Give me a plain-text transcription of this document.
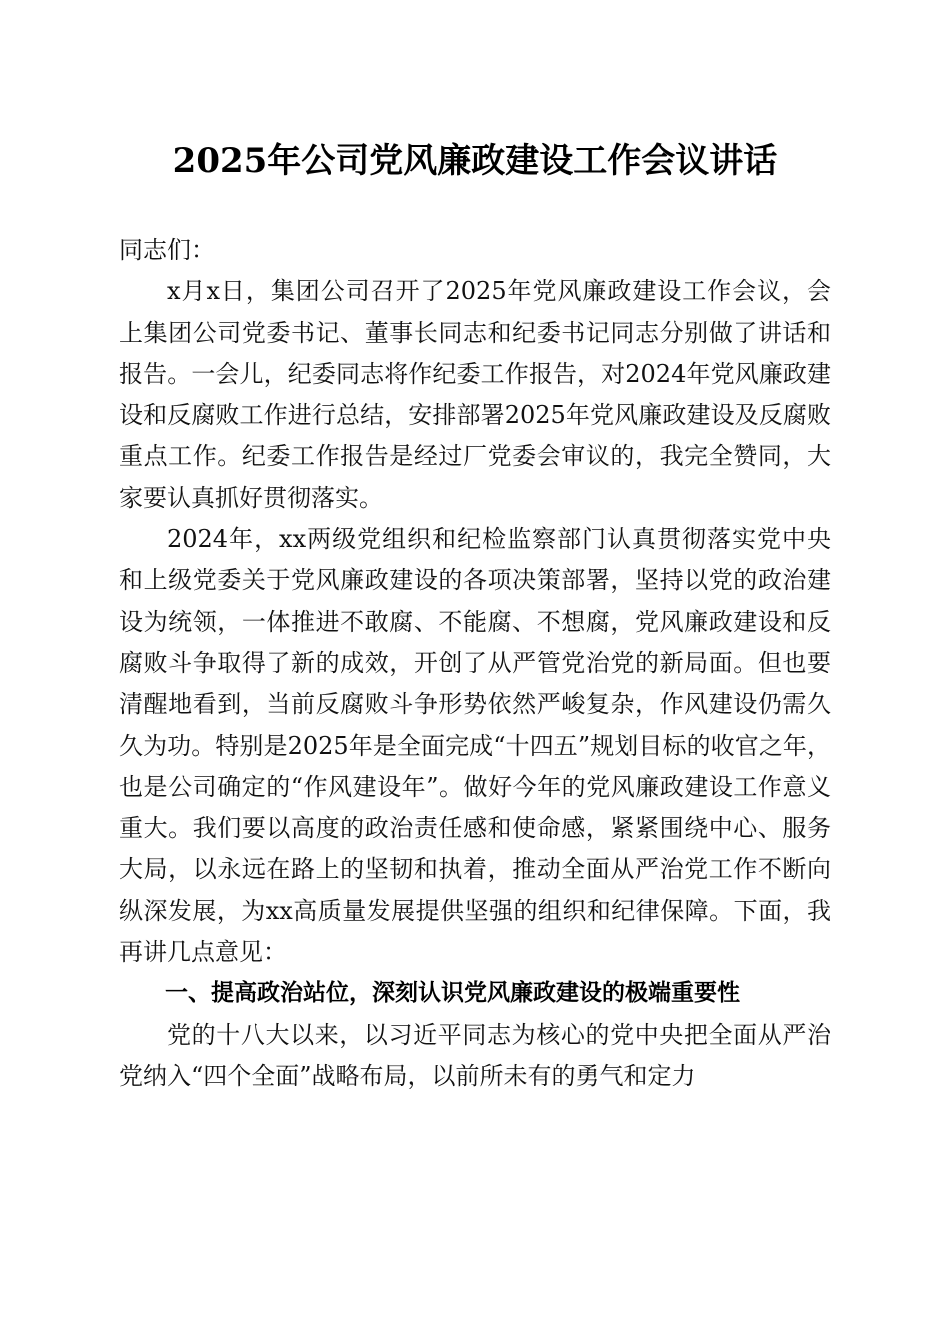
2025年公司党风廉政建设工作会议讲话

同志们：

x月x日，集团公司召开了2025年党风廉政建设工作会议，会上集团公司党委书记、董事长同志和纪委书记同志分别做了讲话和报告。一会儿，纪委同志将作纪委工作报告，对2024年党风廉政建设和反腐败工作进行总结，安排部署2025年党风廉政建设及反腐败重点工作。纪委工作报告是经过厂党委会审议的，我完全赞同，大家要认真抓好贯彻落实。

2024年，xx两级党组织和纪检监察部门认真贯彻落实党中央和上级党委关于党风廉政建设的各项决策部署，坚持以党的政治建设为统领，一体推进不敢腐、不能腐、不想腐，党风廉政建设和反腐败斗争取得了新的成效，开创了从严管党治党的新局面。但也要清醒地看到，当前反腐败斗争形势依然严峻复杂，作风建设仍需久久为功。特别是2025年是全面完成“十四五”规划目标的收官之年，也是公司确定的“作风建设年”。做好今年的党风廉政建设工作意义重大。我们要以高度的政治责任感和使命感，紧紧围绕中心、服务大局，以永远在路上的坚韧和执着，推动全面从严治党工作不断向纵深发展，为xx高质量发展提供坚强的组织和纪律保障。下面，我再讲几点意见：

一、提高政治站位，深刻认识党风廉政建设的极端重要性

党的十八大以来，以习近平同志为核心的党中央把全面从严治党纳入“四个全面”战略布局，以前所未有的勇气和定力
